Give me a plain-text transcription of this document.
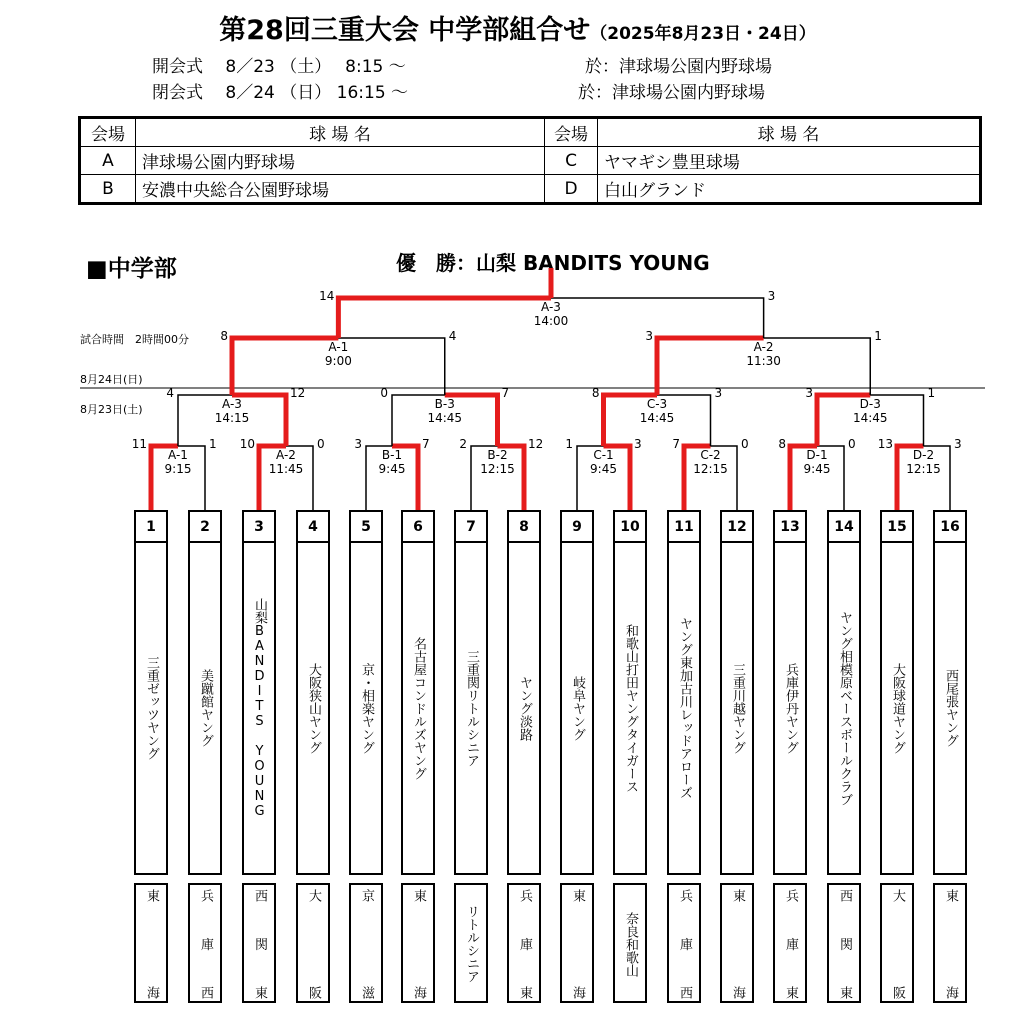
第28回三重大会 中学部組合せ（2025年8月23日・24日）
開会式　 8／23 （土）　 8:15 ～	於：津球場公園内野球場
閉会式　 8／24 （日） 16:15 ～	於：津球場公園内野球場
会場	球 場 名	会場	球 場 名
A	津球場公園内野球場	C	ヤマギシ豊里球場
B	安濃中央総合公園野球場	D	白山グランド
■中学部	優　勝：山梨 BANDITS YOUNG
試合時間　2時間00分
8月24日(日)
8月23日(土)
A-1
9:15
11	1
A-2
11:45
10	0
B-1
9:45
3	7
B-2
12:15
2	12
C-1
9:45
1	3
C-2
12:15
7	0
D-1
9:45
8	0
D-2
12:15
13	3
A-3
14:15
4	12
B-3
14:45
0	7
C-3
14:45
8	3
D-3
14:45
3	1
A-1
9:00
8	4
A-2
11:30
3	1
A-3
14:00
14	3
1
三重ゼッツヤング
東海
2
美蹴館ヤング
兵庫西
3
山梨BANDITS YOUNG
西関東
4
大阪狭山ヤング
大阪
5
京・相楽ヤング
京滋
6
名古屋コンドルズヤング
東海
7
三重関リトルシニア
リトルシニア
8
ヤング淡路
兵庫東
9
岐阜ヤング
東海
10
和歌山打田ヤングタイガース
奈良和歌山
11
ヤング東加古川レッドアローズ
兵庫西
12
三重川越ヤング
東海
13
兵庫伊丹ヤング
兵庫東
14
ヤング相模原ベースボールクラブ
西関東
15
大阪球道ヤング
大阪
16
西尾張ヤング
東海
